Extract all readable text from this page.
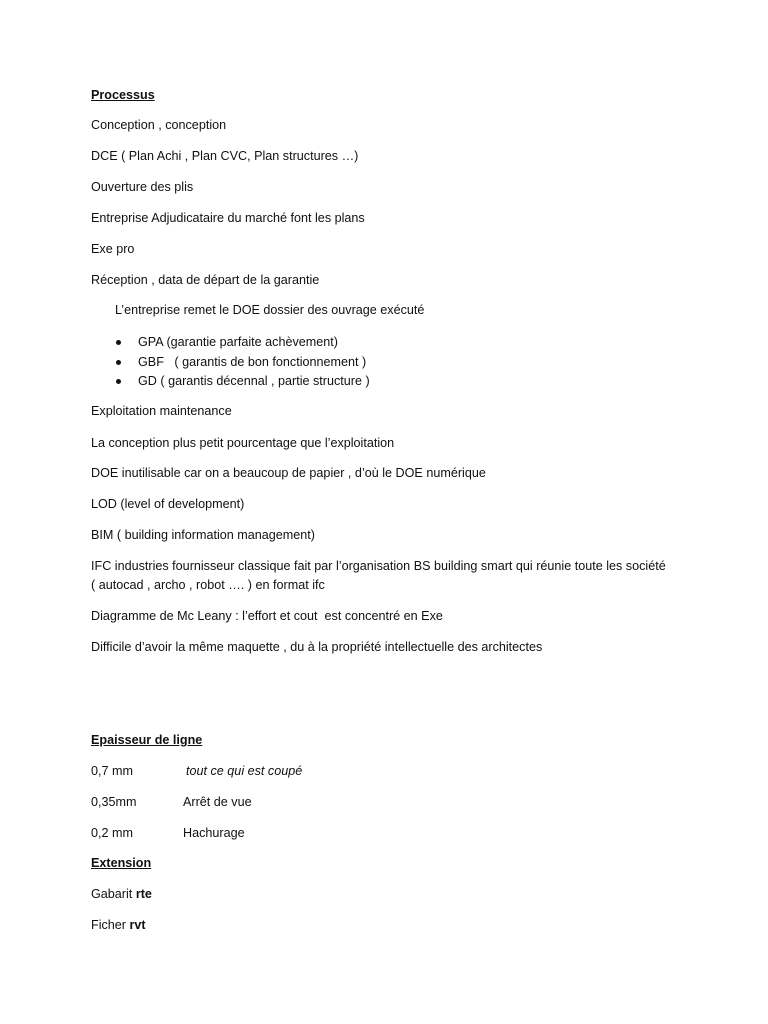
Processus
Conception , conception
DCE ( Plan Achi , Plan CVC, Plan structures …)
Ouverture des plis
Entreprise Adjudicataire du marché font les plans
Exe pro
Réception , data de départ de la garantie
L’entreprise remet le DOE dossier des ouvrage exécuté
GPA (garantie parfaite achèvement)
GBF   ( garantis de bon fonctionnement )
GD ( garantis décennal , partie structure )
Exploitation maintenance
La conception plus petit pourcentage que l’exploitation
DOE inutilisable car on a beaucoup de papier , d’où le DOE numérique
LOD (level of development)
BIM ( building information management)
IFC industries fournisseur classique fait par l’organisation BS building smart qui réunie toute les société ( autocad , archo , robot …. ) en format ifc
Diagramme de Mc Leany : l’effort et cout  est concentré en Exe
Difficile d’avoir la même maquette , du à la propriété intellectuelle des architectes
Epaisseur de ligne
0,7 mm	tout ce qui est coupé
0,35mm	Arrêt de vue
0,2 mm	Hachurage
Extension
Gabarit rte
Ficher rvt
